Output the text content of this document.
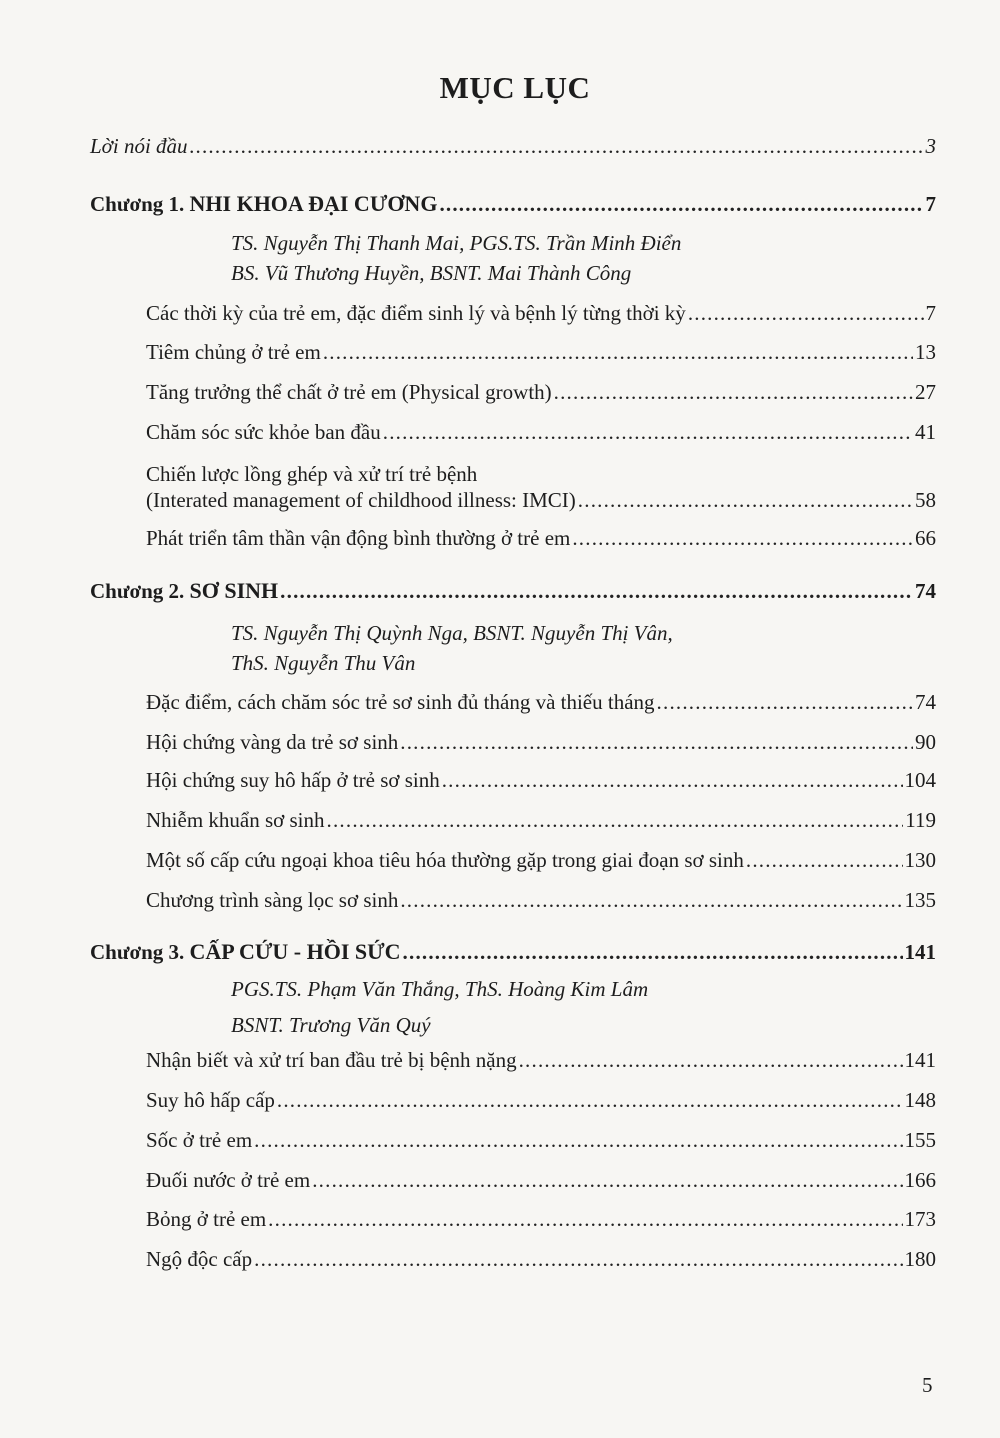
MỤC LỤC
Lời nói đầu .....	3
Chương 1. NHI KHOA ĐẠI CƯƠNG .....	7
TS. Nguyễn Thị Thanh Mai, PGS.TS. Trần Minh Điển
BS. Vũ Thương Huyền, BSNT. Mai Thành Công
Các thời kỳ của trẻ em, đặc điểm sinh lý và bệnh lý từng thời kỳ .....	7
Tiêm chủng ở trẻ em .....	13
Tăng trưởng thể chất ở trẻ em (Physical growth) .....	27
Chăm sóc sức khỏe ban đầu .....	41
Chiến lược lồng ghép và xử trí trẻ bệnh
(Interated management of childhood illness: IMCI) .....	58
Phát triển tâm thần vận động bình thường ở trẻ em .....	66
Chương 2. SƠ SINH .....	74
TS. Nguyễn Thị Quỳnh Nga, BSNT. Nguyễn Thị Vân,
ThS. Nguyễn Thu Vân
Đặc điểm, cách chăm sóc trẻ sơ sinh đủ tháng và thiếu tháng .....	74
Hội chứng vàng da trẻ sơ sinh .....	90
Hội chứng suy hô hấp ở trẻ sơ sinh .....	104
Nhiễm khuẩn sơ sinh .....	119
Một số cấp cứu ngoại khoa tiêu hóa thường gặp trong giai đoạn sơ sinh .....	130
Chương trình sàng lọc sơ sinh .....	135
Chương 3. CẤP CỨU - HỒI SỨC .....	141
PGS.TS. Phạm Văn Thắng, ThS. Hoàng Kim Lâm
BSNT. Trương Văn Quý
Nhận biết và xử trí ban đầu trẻ bị bệnh nặng .....	141
Suy hô hấp cấp .....	148
Sốc ở trẻ em .....	155
Đuối nước ở trẻ em .....	166
Bỏng ở trẻ em .....	173
Ngộ độc cấp .....	180
5
